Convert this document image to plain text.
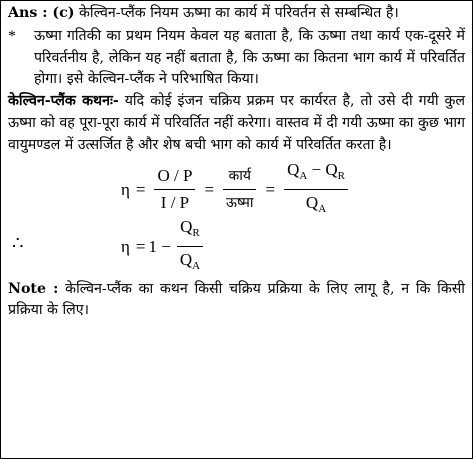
Ans : (c) केल्विन-प्लैंक नियम ऊष्मा का कार्य में परिवर्तन से सम्बन्धित है।

*	ऊष्मा गतिकी का प्रथम नियम केवल यह बताता है, कि ऊष्मा तथा कार्य एक-दूसरे में परिवर्तनीय है, लेकिन यह नहीं बताता है, कि ऊष्मा का कितना भाग कार्य में परिवर्तित होगा। इसे केल्विन-प्लैंक ने परिभाषित किया।

केल्विन-प्लैंक कथनः- यदि कोई इंजन चक्रिय प्रक्रम पर कार्यरत है, तो उसे दी गयी कुल ऊष्मा को वह पूरा-पूरा कार्य में परिवर्तित नहीं करेगा। वास्तव में दी गयी ऊष्मा का कुछ भाग वायुमण्डल में उत्सर्जित है और शेष बची भाग को कार्य में परिवर्तित करता है।

$\eta = \frac{O / P}{I / P} = \frac{\text{कार्य}}{\text{ऊष्मा}} = \frac{Q_A - Q_R}{Q_A}$
∴	$\eta = 1 - \frac{Q_R}{Q_A}$

Note : केल्विन-प्लैंक का कथन किसी चक्रिय प्रक्रिया के लिए लागू है, न कि किसी प्रक्रिया के लिए।
